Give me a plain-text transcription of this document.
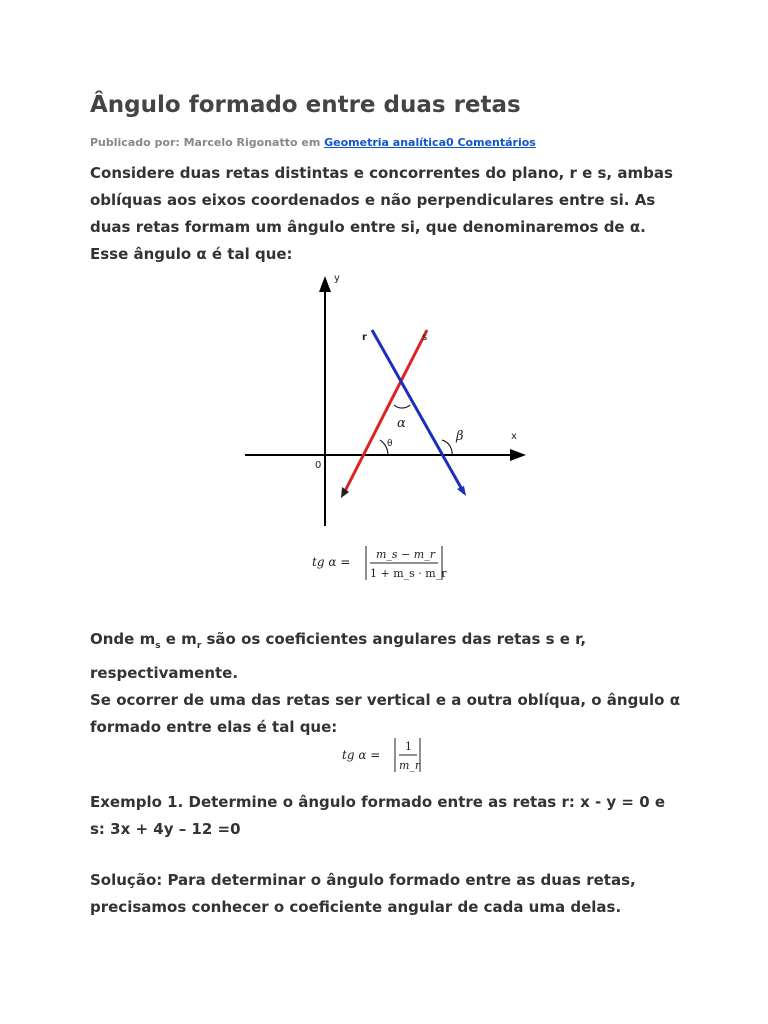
Ângulo formado entre duas retas
Publicado por: Marcelo Rigonatto em Geometria analítica0 Comentários

Considere duas retas distintas e concorrentes do plano, r e s, ambas oblíquas aos eixos coordenados e não perpendiculares entre si. As duas retas formam um ângulo entre si, que denominaremos de α. Esse ângulo α é tal que:

y
x
0
r	s
α
θ	β
tg α =
m_s − m_r
1 + m_s · m_r

Onde $m_s$ e $m_r$ são os coeficientes angulares das retas s e r, respectivamente.
Se ocorrer de uma das retas ser vertical e a outra oblíqua, o ângulo α formado entre elas é tal que:

tg α =
1
m_r

Exemplo 1. Determine o ângulo formado entre as retas r: x - y = 0 e s: 3x + 4y – 12 =0

Solução: Para determinar o ângulo formado entre as duas retas, precisamos conhecer o coeficiente angular de cada uma delas.
